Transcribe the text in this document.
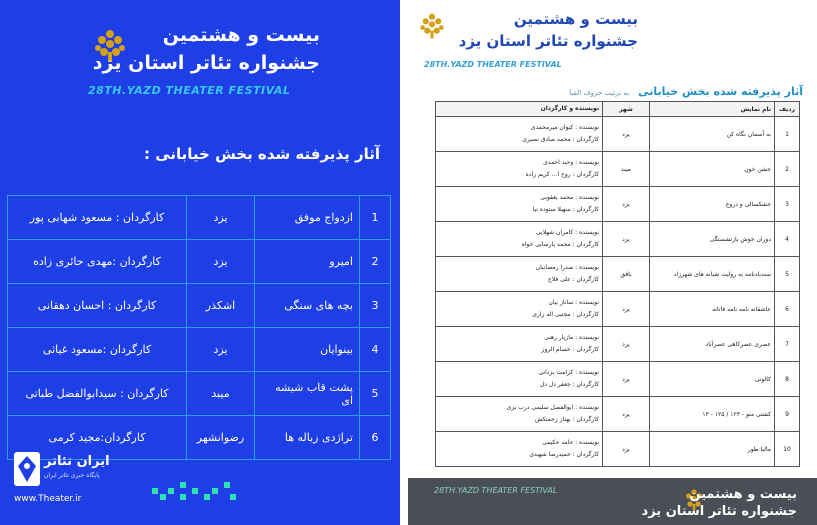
بیست و هشتمین
جشنواره تئاتر استان یزد
28TH.YAZD THEATER FESTIVAL
آثار پذیرفته شده بخش خیابانی :
1	ازدواج موفق	یزد	کارگردان : مسعود شهابی پور
2	امیرو	یزد	کارگردان :مهدی حائری زاده
3	بچه های سنگی	اشکذر	کارگردان : احسان دهقانی
4	بینوایان	یزد	کارگردان :مسعود غیاثی
5	پشت قاب شیشه ای	میبد	کارگردان : سیدابوالفضل طباتی
6	تراژدی زباله ها	رضوانشهر	کارگردان:مجید کرمی
ایران تئاتر
پایگاه خبری تئاتر ایران
www.Theater.ir
بیست و هشتمین
جشنواره تئاتر استان یزد
28TH.YAZD THEATER FESTIVAL
آثار پذیرفته شده بخش خیابانی به ترتیب حروف الفبا
ردیف	نام نمایش	شهر	نویسنده و کارگردان
1	به آسمان نگاه کن	یزد	نویسنده : کیوان میرمحمدی
کارگردان : محمد صادق نصیری

2	جشن خون	میبد	نویسنده : وحید احمدی
کارگردان : روح ا... کریم زاده

3	خشکسالی و دروغ	یزد	نویسنده : محمد یعقوبی
کارگردان : سهیلا ستوده نیا

4	دوران خوش بازنشستگی	یزد	نویسنده : کامران شهلایی
کارگردان : محمد پارسایی خواه

5	سندبادنامه به روایت شبانه های شهرزاد	بافق	نویسنده : صدرا رمضانیان
کارگردان : علی فلاح

6	عاشقانه نامه نامه فاتانه	یزد	نویسنده : ساناز بیان
کارگردان : مجتبی اله زاری

7	عصری عصرکاهی عصرآباد	یزد	نویسنده : مازیار رهنی
کارگردان : حسام الروز

8	کالونی	یزد	نویسنده : کرامت یزدانی
کارگردان : جعفر دل دل

9	کشتی متو - ۱۲۳ / ۱۲۵ - ۱۳	یزد	نویسنده : ابوالفضل سلیمی درب بزی
کارگردان : بهناز زحمتکش

10	مالیا طور	یزد	نویسنده : حامد حکیمی
کارگردان : حمیدرضا شهیدی
28TH.YAZD THEATER FESTIVAL	بیست و هشتمین
جشنواره تئاتر استان یزد
